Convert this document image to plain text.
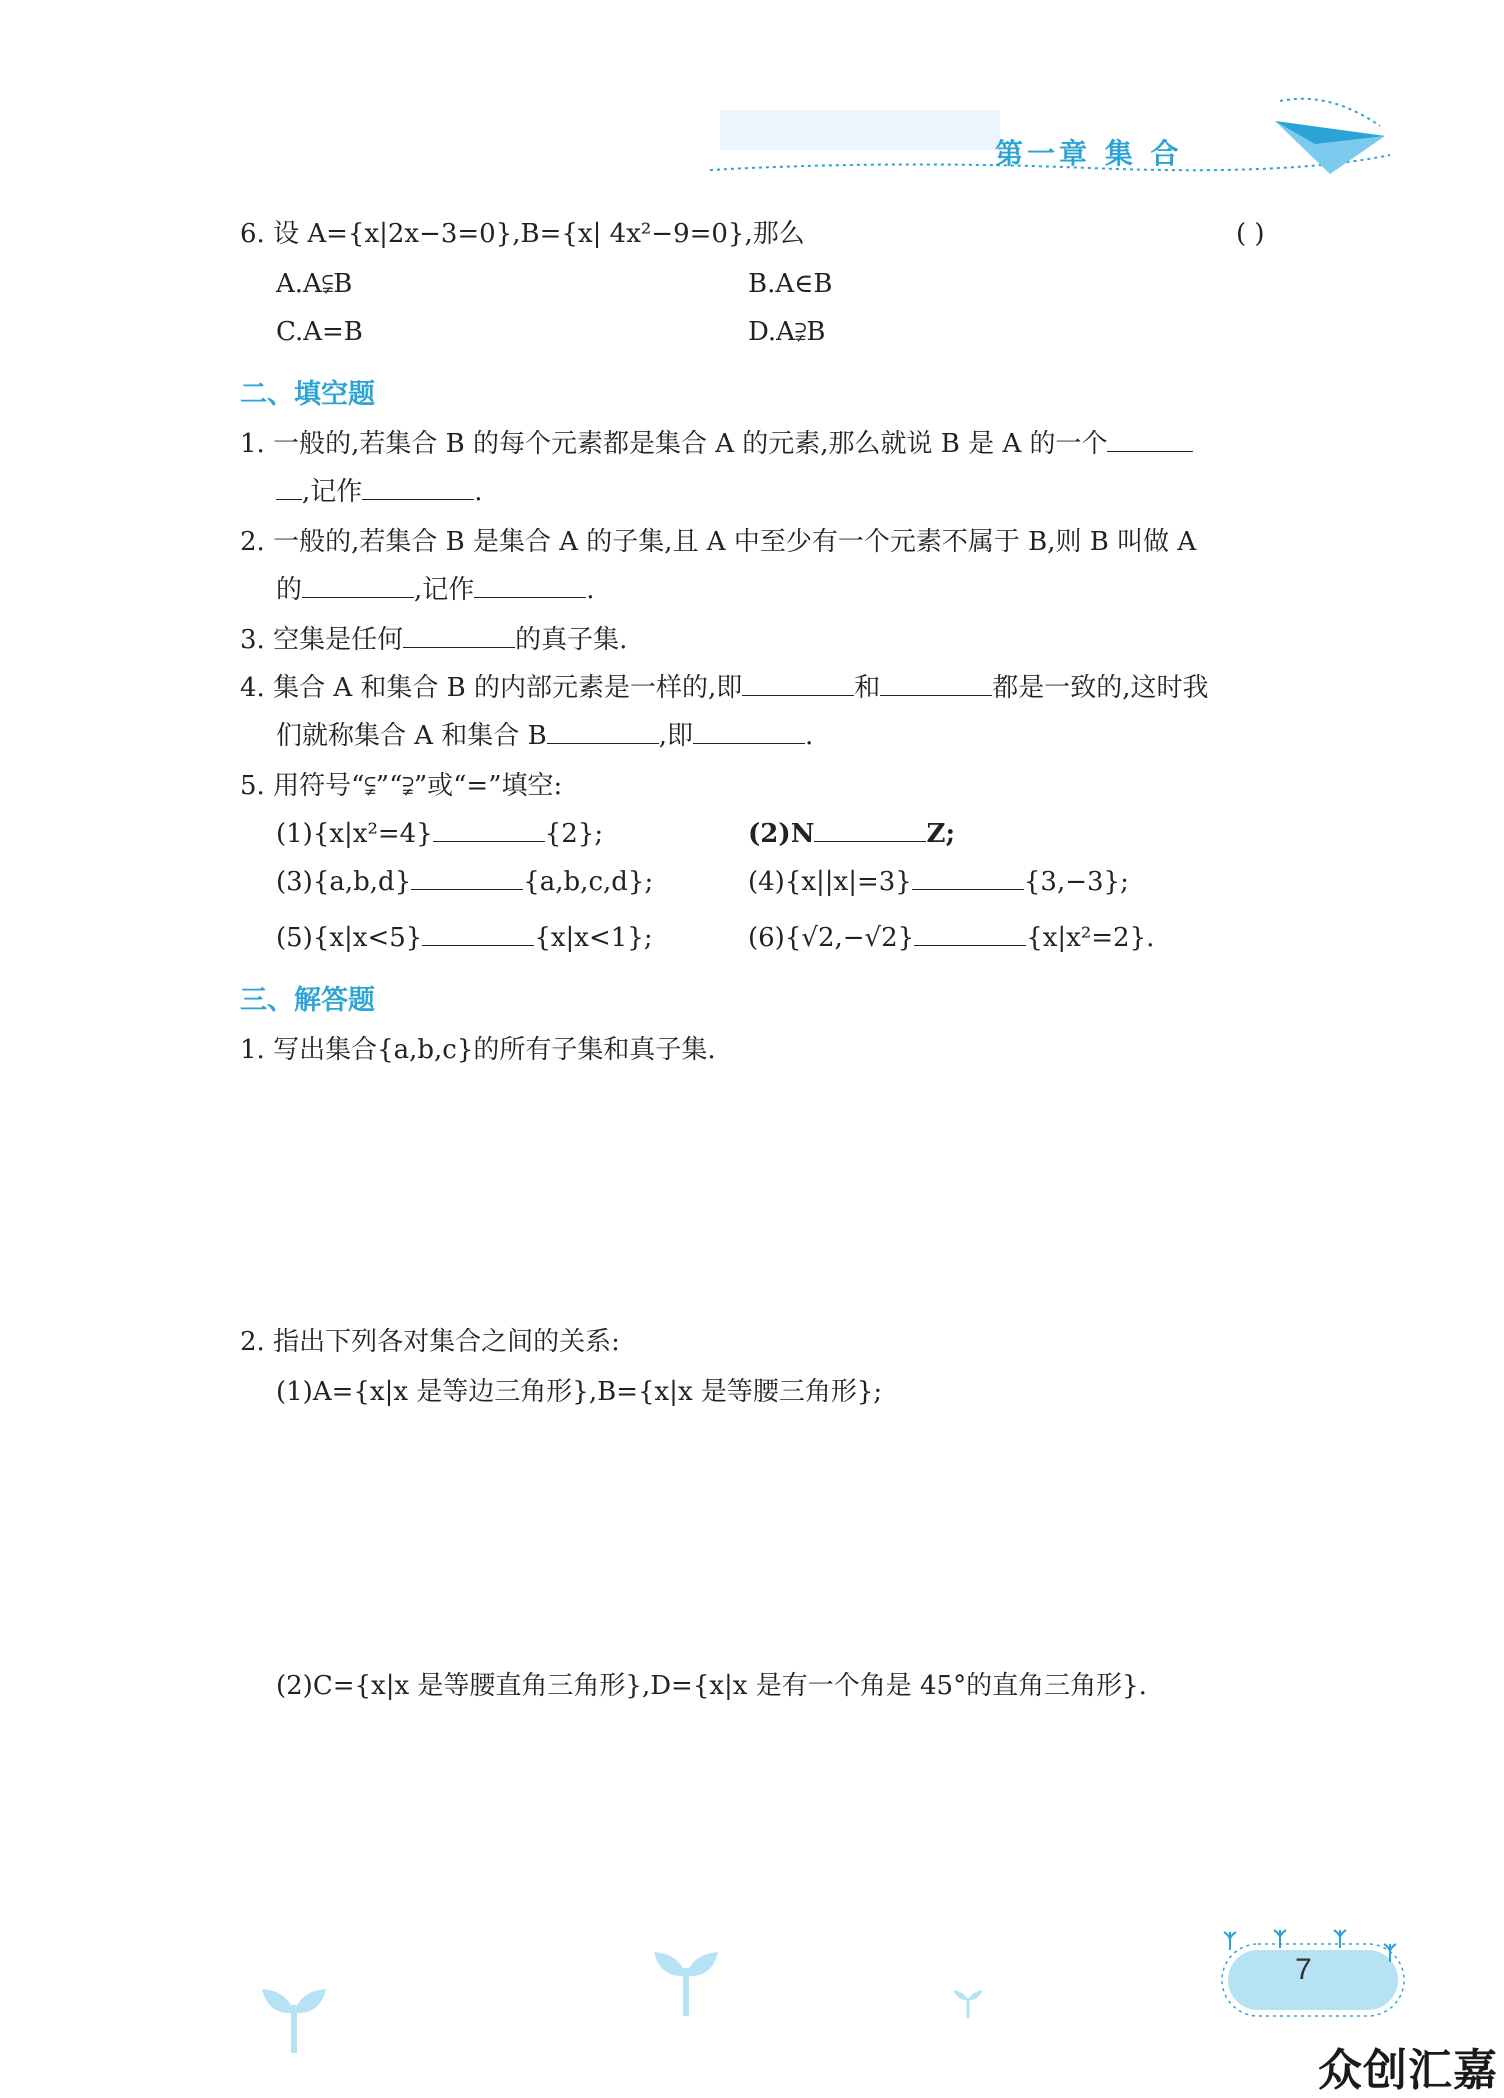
第一章 集 合
6. 设 A={x|2x−3=0},B={x| 4x²−9=0},那么	( )
A.A⫋B	B.A∈B
C.A=B	D.A⫌B
二、填空题
1. 一般的,若集合 B 的每个元素都是集合 A 的元素,那么就说 B 是 A 的一个
,记作	.
2. 一般的,若集合 B 是集合 A 的子集,且 A 中至少有一个元素不属于 B,则 B 叫做 A
的	,记作	.
3. 空集是任何	的真子集.
4. 集合 A 和集合 B 的内部元素是一样的,即	和	都是一致的,这时我
们就称集合 A 和集合 B	,即	.
5. 用符号“⫋”“⫌”或“=”填空:
(1){x|x²=4}	{2};	(2)N	Z;
(3){a,b,d}	{a,b,c,d};	(4){x||x|=3}	{3,−3};
(5){x|x<5}	{x|x<1};	(6){√2,−√2}	{x|x²=2}.
三、解答题
1. 写出集合{a,b,c}的所有子集和真子集.
2. 指出下列各对集合之间的关系:
(1)A={x|x 是等边三角形},B={x|x 是等腰三角形};
(2)C={x|x 是等腰直角三角形},D={x|x 是有一个角是 45°的直角三角形}.
7
众创汇嘉
